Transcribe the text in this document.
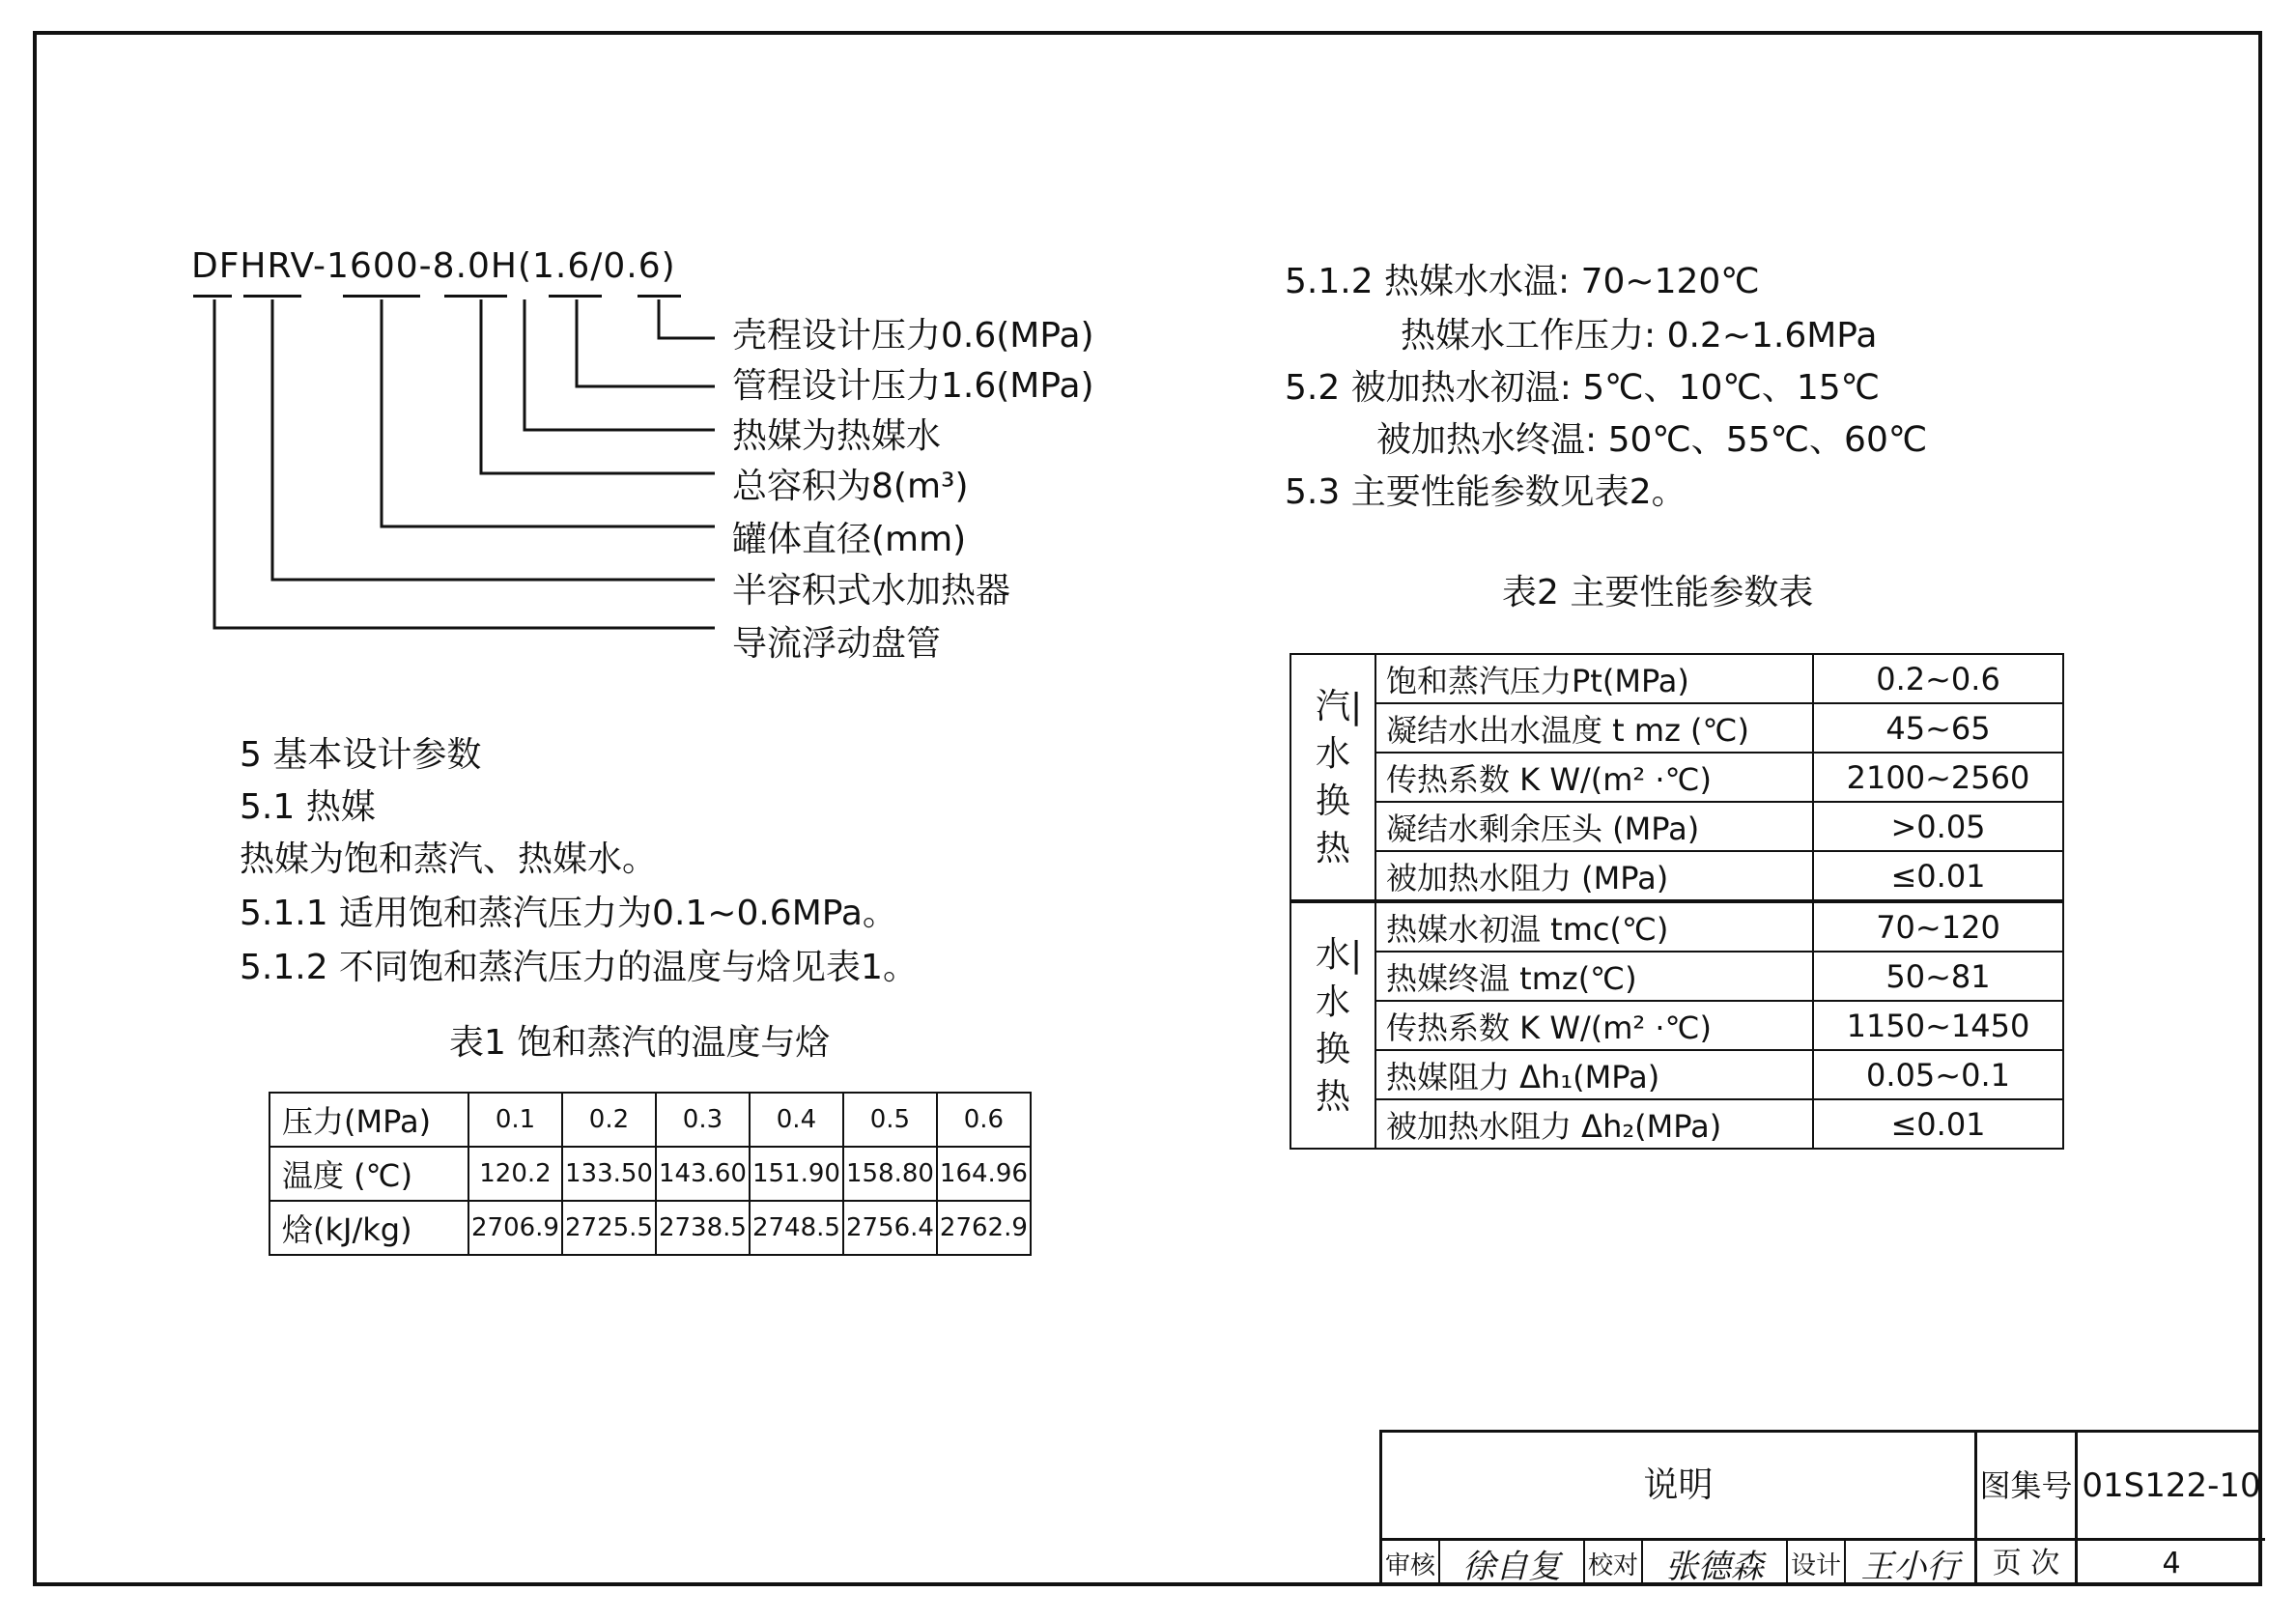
DFHRV-1600-8.0H(1.6/0.6)
壳程设计压力0.6(MPa)
管程设计压力1.6(MPa)
热媒为热媒水
总容积为8(m³)
罐体直径(mm)
半容积式水加热器
导流浮动盘管
5 基本设计参数
5.1 热媒
热媒为饱和蒸汽、热媒水。
5.1.1 适用饱和蒸汽压力为0.1~0.6MPa。
5.1.2 不同饱和蒸汽压力的温度与焓见表1。
表1 饱和蒸汽的温度与焓
压力(MPa)	0.1	0.2	0.3	0.4	0.5	0.6
温度 (℃)	120.2	133.50	143.60	151.90	158.80	164.96
焓(kJ/kg)	2706.9	2725.5	2738.5	2748.5	2756.4	2762.9
5.1.2 热媒水水温: 70~120℃
热媒水工作压力: 0.2~1.6MPa
5.2 被加热水初温: 5℃、10℃、15℃
被加热水终温: 50℃、55℃、60℃
5.3 主要性能参数见表2。
表2 主要性能参数表
汽|水换热	饱和蒸汽压力Pt(MPa)	0.2~0.6
	凝结水出水温度 t mz (℃)	45~65
	传热系数 K W/(m² ·℃)	2100~2560
	凝结水剩余压头 (MPa)	>0.05
	被加热水阻力 (MPa)	≤0.01
水|水换热	热媒水初温 tmc(℃)	70~120
	热媒终温 tmz(℃)	50~81
	传热系数 K W/(m² ·℃)	1150~1450
	热媒阻力 Δh₁(MPa)	0.05~0.1
	被加热水阻力 Δh₂(MPa)	≤0.01
说明	图集号 01S122-10
审核 徐自复	校对 张德森	设计 王小行	页 次	4
